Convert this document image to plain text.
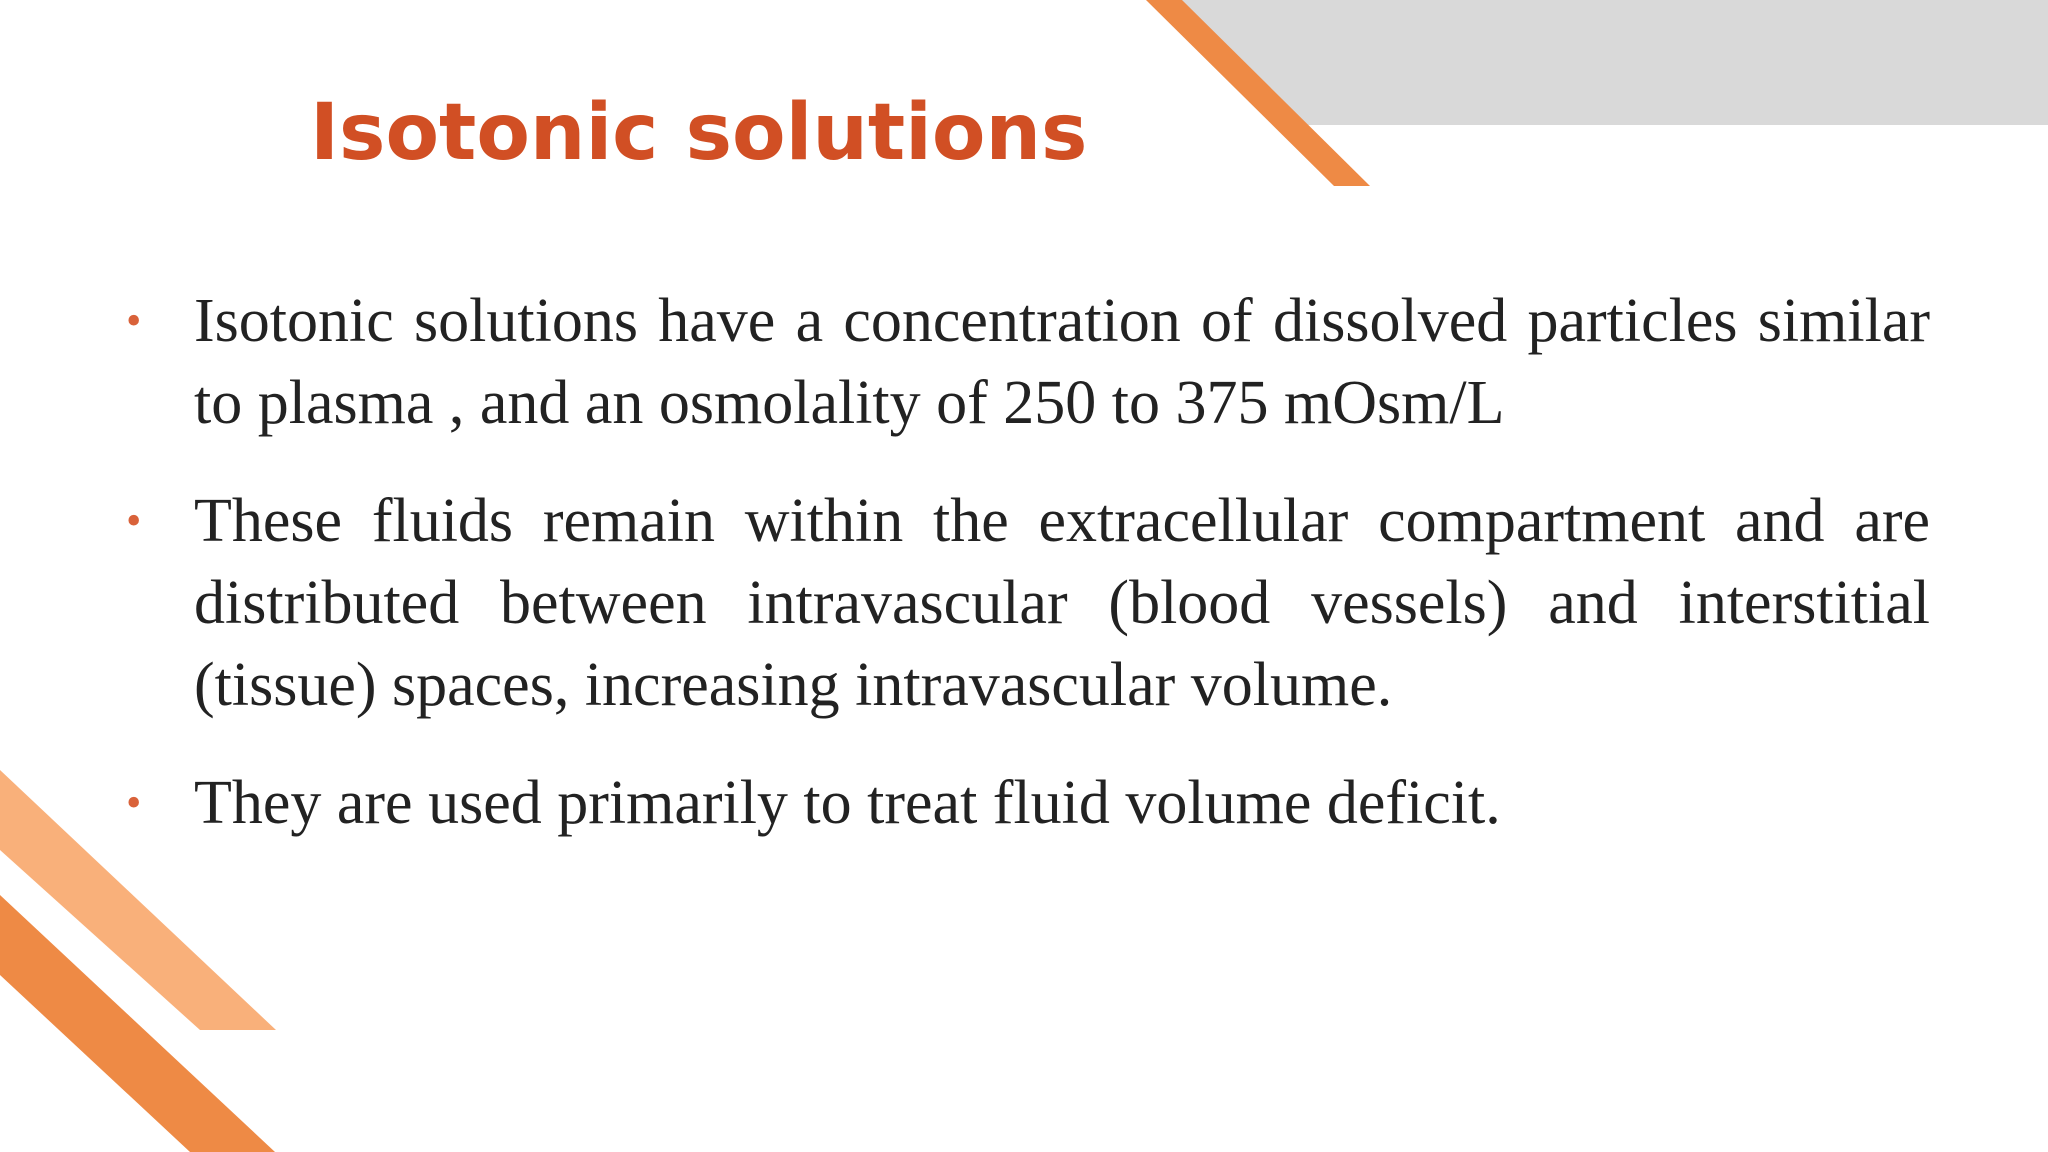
Isotonic solutions
• Isotonic solutions have a concentration of dissolved particles similar to plasma , and an osmolality of 250 to 375 mOsm/L
• These fluids remain within the extracellular compartment and are distributed between intravascular (blood vessels) and interstitial (tissue) spaces, increasing intravascular volume.
• They are used primarily to treat fluid volume deficit.
